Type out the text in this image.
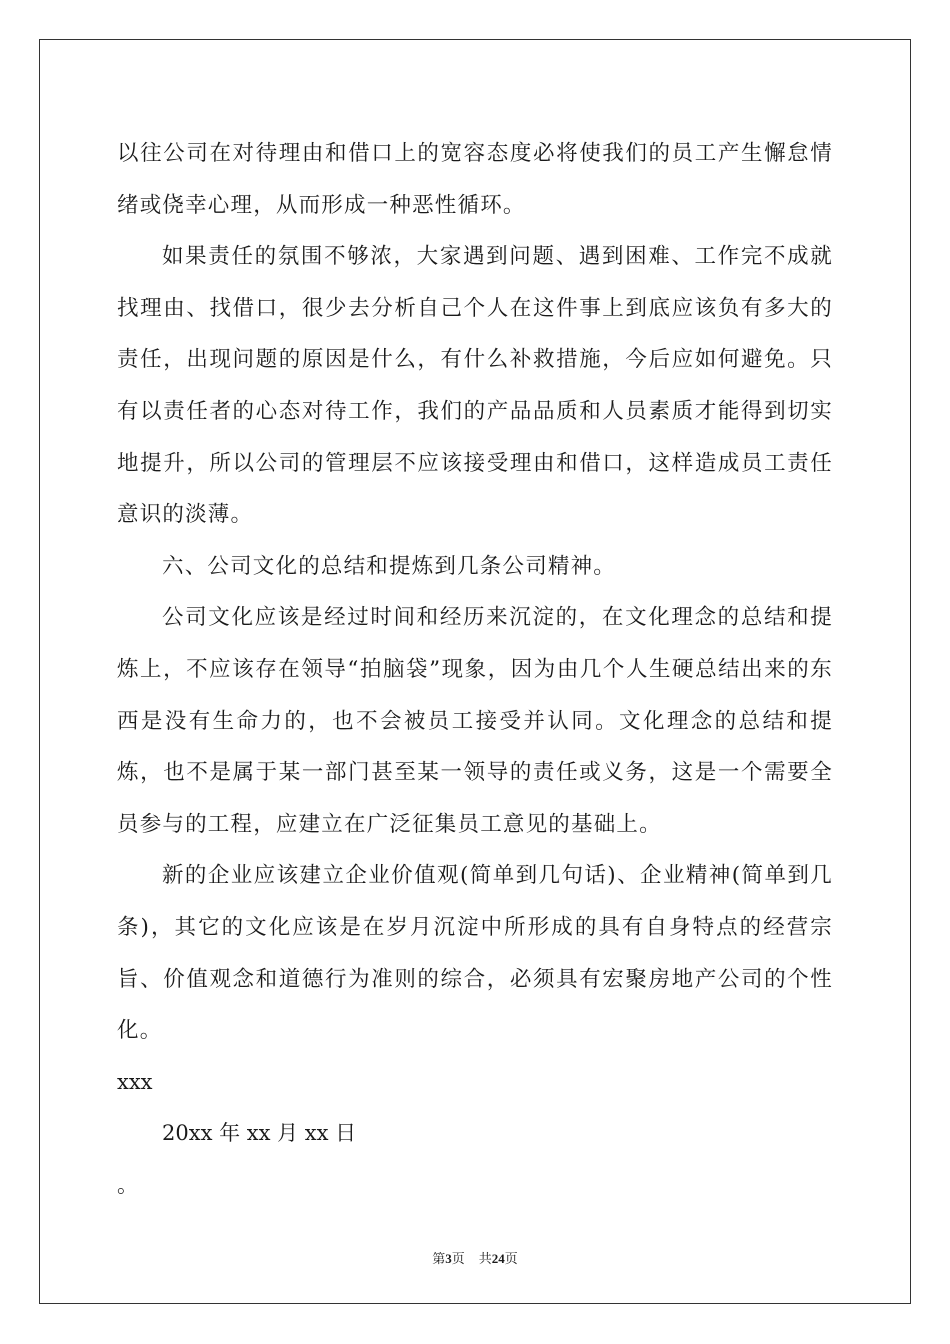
以往公司在对待理由和借口上的宽容态度必将使我们的员工产生懈怠情绪或侥幸心理，从而形成一种恶性循环。

如果责任的氛围不够浓，大家遇到问题、遇到困难、工作完不成就找理由、找借口，很少去分析自己个人在这件事上到底应该负有多大的责任，出现问题的原因是什么，有什么补救措施，今后应如何避免。只有以责任者的心态对待工作，我们的产品品质和人员素质才能得到切实地提升，所以公司的管理层不应该接受理由和借口，这样造成员工责任意识的淡薄。

六、公司文化的总结和提炼到几条公司精神。

公司文化应该是经过时间和经历来沉淀的，在文化理念的总结和提炼上，不应该存在领导“拍脑袋”现象，因为由几个人生硬总结出来的东西是没有生命力的，也不会被员工接受并认同。文化理念的总结和提炼，也不是属于某一部门甚至某一领导的责任或义务，这是一个需要全员参与的工程，应建立在广泛征集员工意见的基础上。

新的企业应该建立企业价值观(简单到几句话)、企业精神(简单到几条)，其它的文化应该是在岁月沉淀中所形成的具有自身特点的经营宗旨、价值观念和道德行为准则的综合，必须具有宏聚房地产公司的个性化。

xxx

20xx 年 xx 月 xx 日

。

第3页 共24页
